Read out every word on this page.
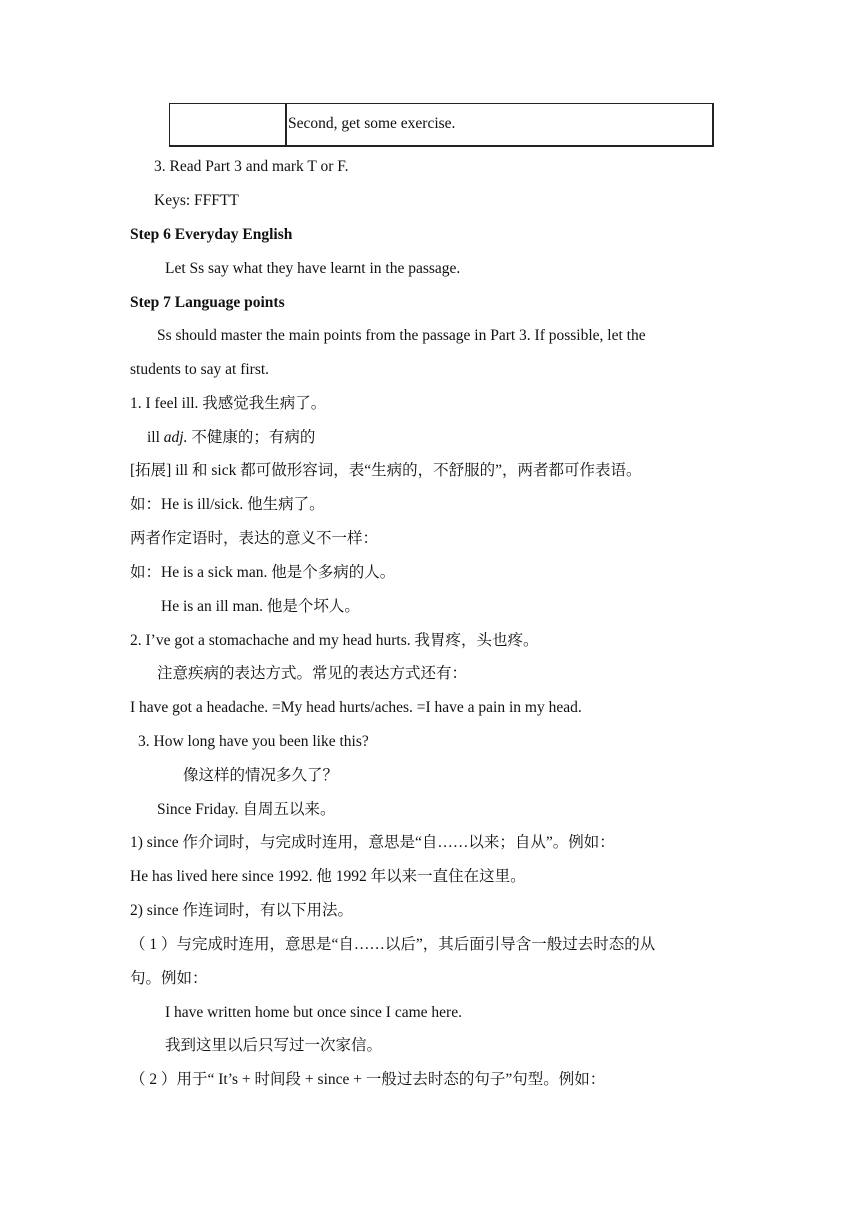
Second, get some exercise.
3. Read Part 3 and mark T or F.
Keys: FFFTT
Step 6 Everyday English
Let Ss say what they have learnt in the passage.
Step 7 Language points
Ss should master the main points from the passage in Part 3. If possible, let the
students to say at first.
1. I feel ill. 我感觉我生病了。
ill adj. 不健康的；有病的
[拓展] ill 和 sick 都可做形容词，表“生病的，不舒服的”，两者都可作表语。
如：He is ill/sick. 他生病了。
两者作定语时，表达的意义不一样：
如：He is a sick man. 他是个多病的人。
He is an ill man. 他是个坏人。
2. I’ve got a stomachache and my head hurts. 我胃疼，头也疼。
注意疾病的表达方式。常见的表达方式还有：
I have got a headache. =My head hurts/aches. =I have a pain in my head.
3. How long have you been like this?
像这样的情况多久了？
Since Friday. 自周五以来。
1) since 作介词时，与完成时连用，意思是“自……以来；自从”。例如：
He has lived here since 1992. 他 1992 年以来一直住在这里。
2) since 作连词时，有以下用法。
（ 1 ）与完成时连用，意思是“自……以后”，其后面引导含一般过去时态的从
句。例如：
I have written home but once since I came here.
我到这里以后只写过一次家信。
（ 2 ）用于“ It’s + 时间段 + since + 一般过去时态的句子”句型。例如：
